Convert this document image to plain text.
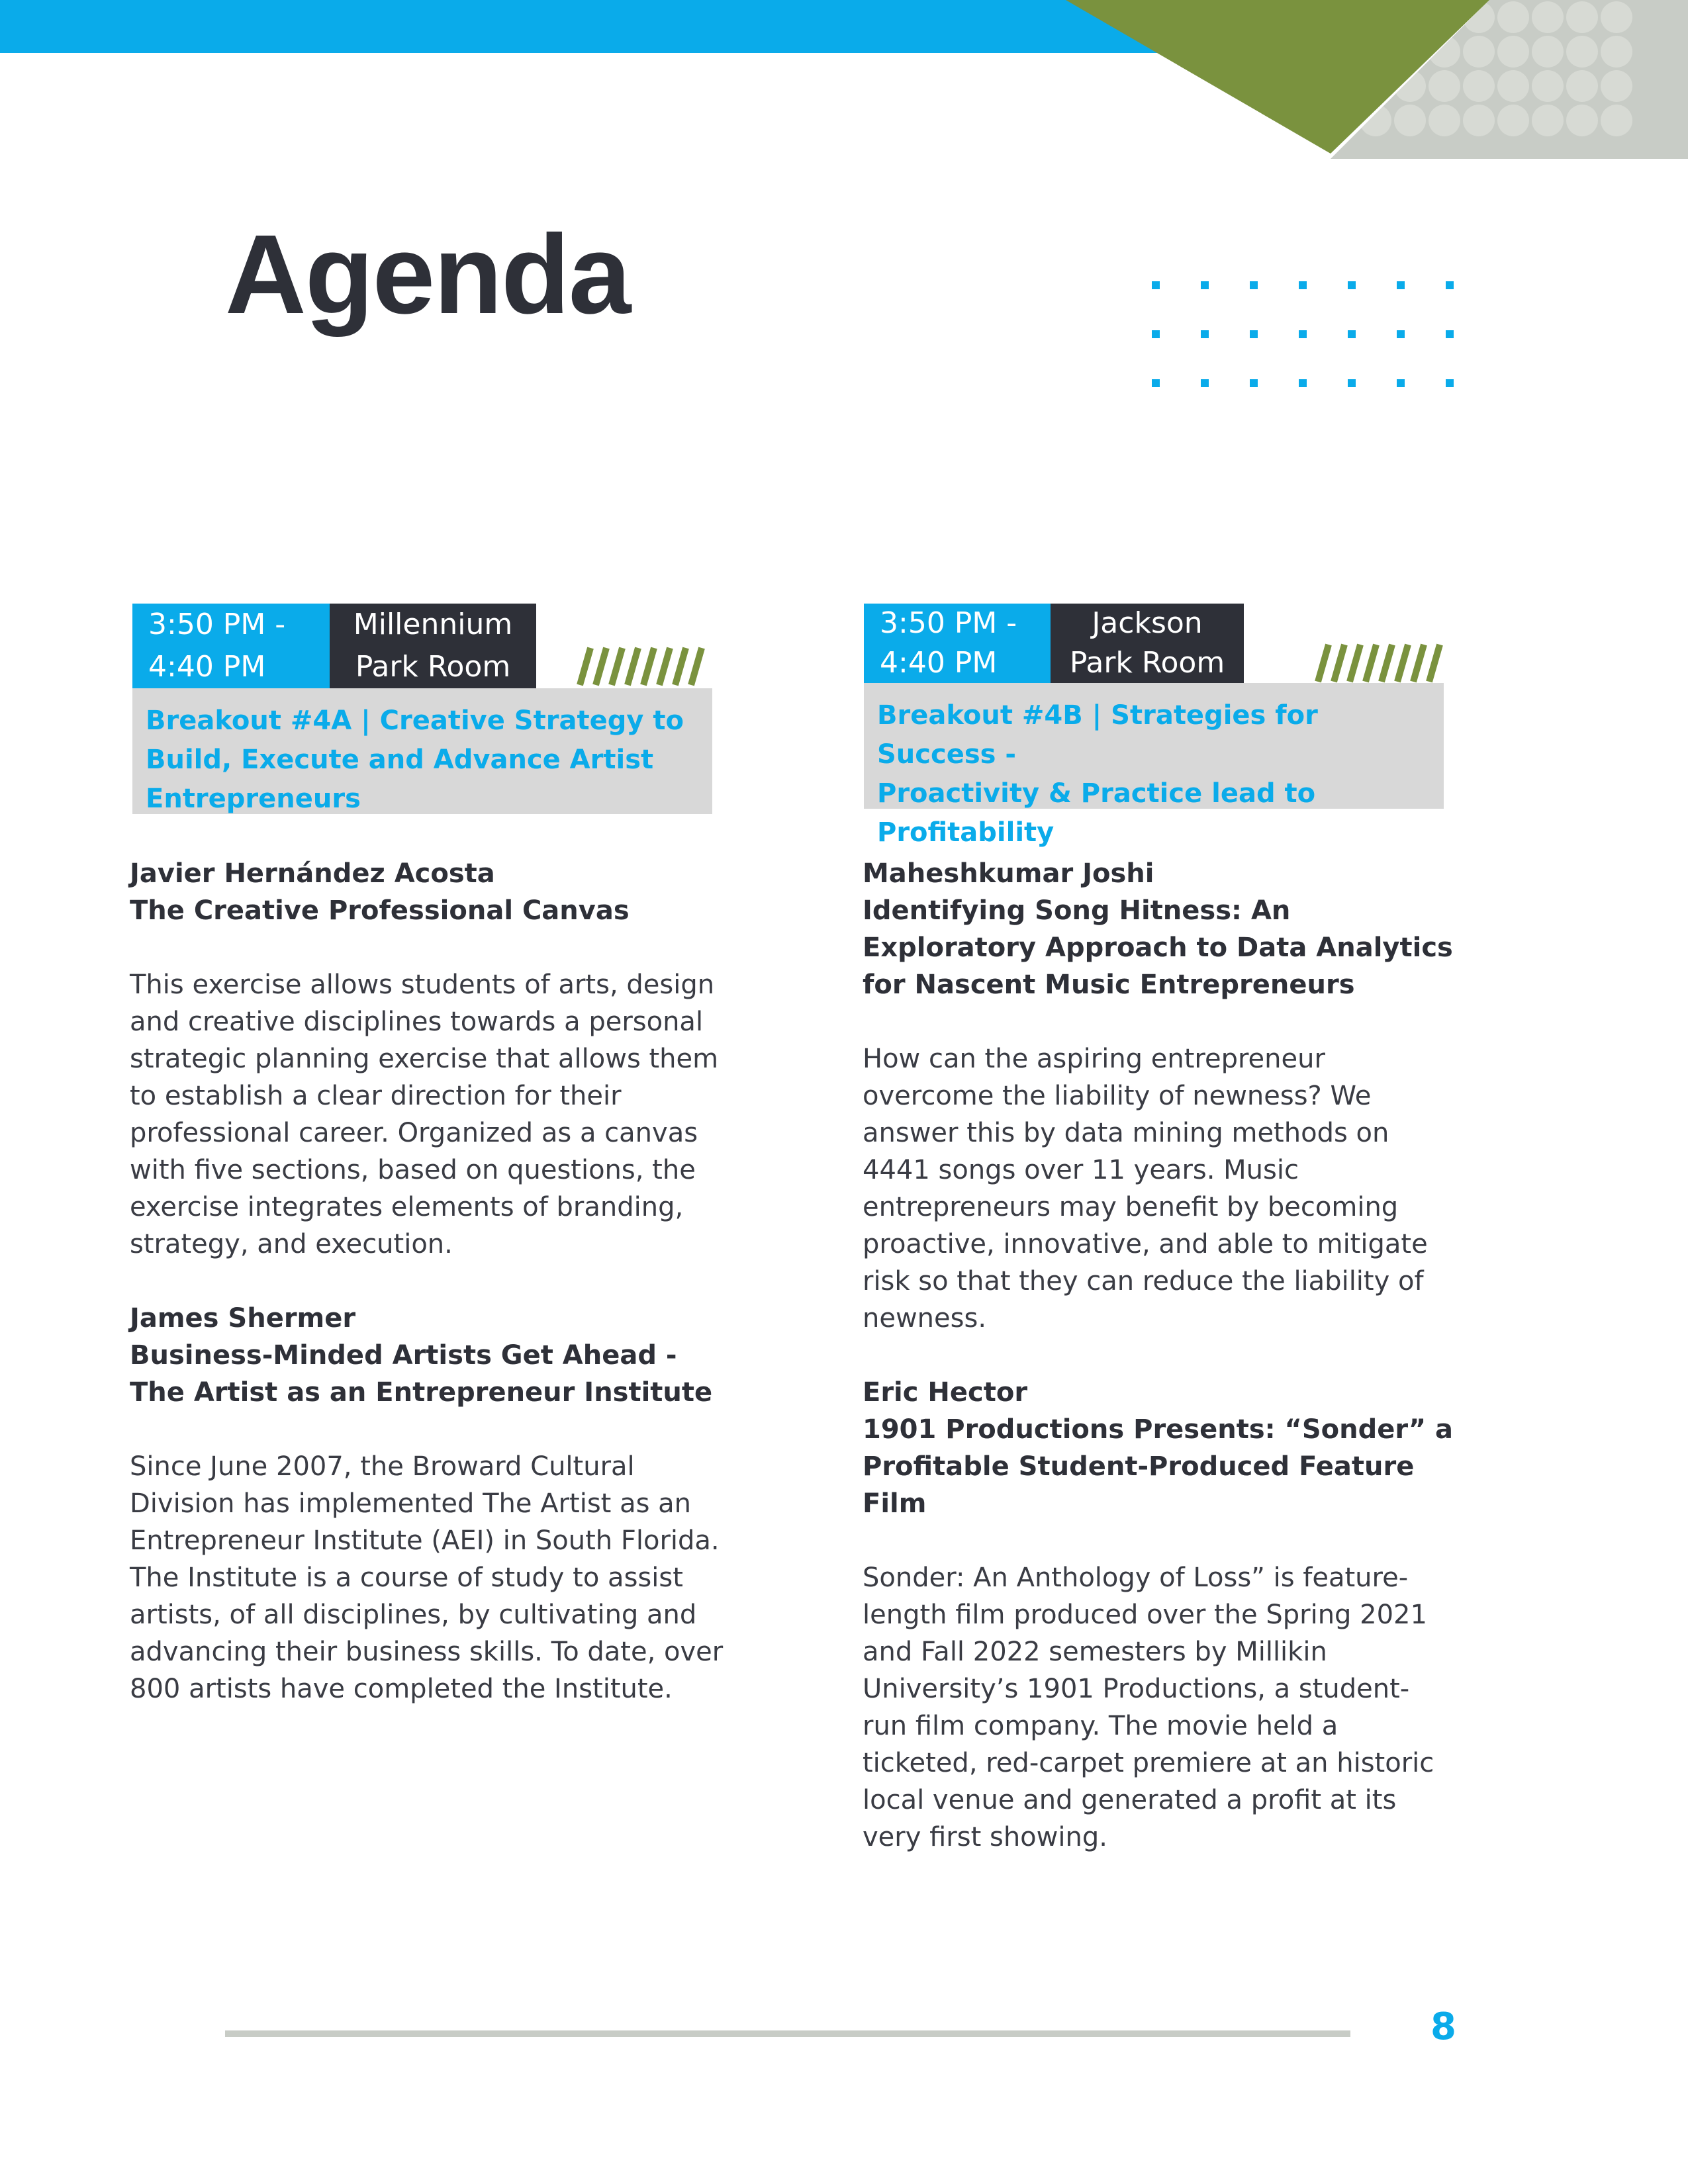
Agenda
3:50 PM -
4:40 PM
Millennium
Park Room
Breakout #4A | Creative Strategy to
Build, Execute and Advance Artist
Entrepreneurs
3:50 PM -
4:40 PM
Jackson
Park Room
Breakout #4B | Strategies for Success -
Proactivity & Practice lead to
Profitability
Javier Hernández Acosta
The Creative Professional Canvas
This exercise allows students of arts, design
and creative disciplines towards a personal
strategic planning exercise that allows them
to establish a clear direction for their
professional career. Organized as a canvas
with five sections, based on questions, the
exercise integrates elements of branding,
strategy, and execution.
James Shermer
Business-Minded Artists Get Ahead -
The Artist as an Entrepreneur Institute
Since June 2007, the Broward Cultural
Division has implemented The Artist as an
Entrepreneur Institute (AEI) in South Florida.
The Institute is a course of study to assist
artists, of all disciplines, by cultivating and
advancing their business skills. To date, over
800 artists have completed the Institute.
Maheshkumar Joshi
Identifying Song Hitness: An
Exploratory Approach to Data Analytics
for Nascent Music Entrepreneurs
How can the aspiring entrepreneur
overcome the liability of newness? We
answer this by data mining methods on
4441 songs over 11 years. Music
entrepreneurs may benefit by becoming
proactive, innovative, and able to mitigate
risk so that they can reduce the liability of
newness.
Eric Hector
1901 Productions Presents: “Sonder” a
Profitable Student-Produced Feature
Film
Sonder: An Anthology of Loss” is feature-
length film produced over the Spring 2021
and Fall 2022 semesters by Millikin
University’s 1901 Productions, a student-
run film company. The movie held a
ticketed, red-carpet premiere at an historic
local venue and generated a profit at its
very first showing.
8
